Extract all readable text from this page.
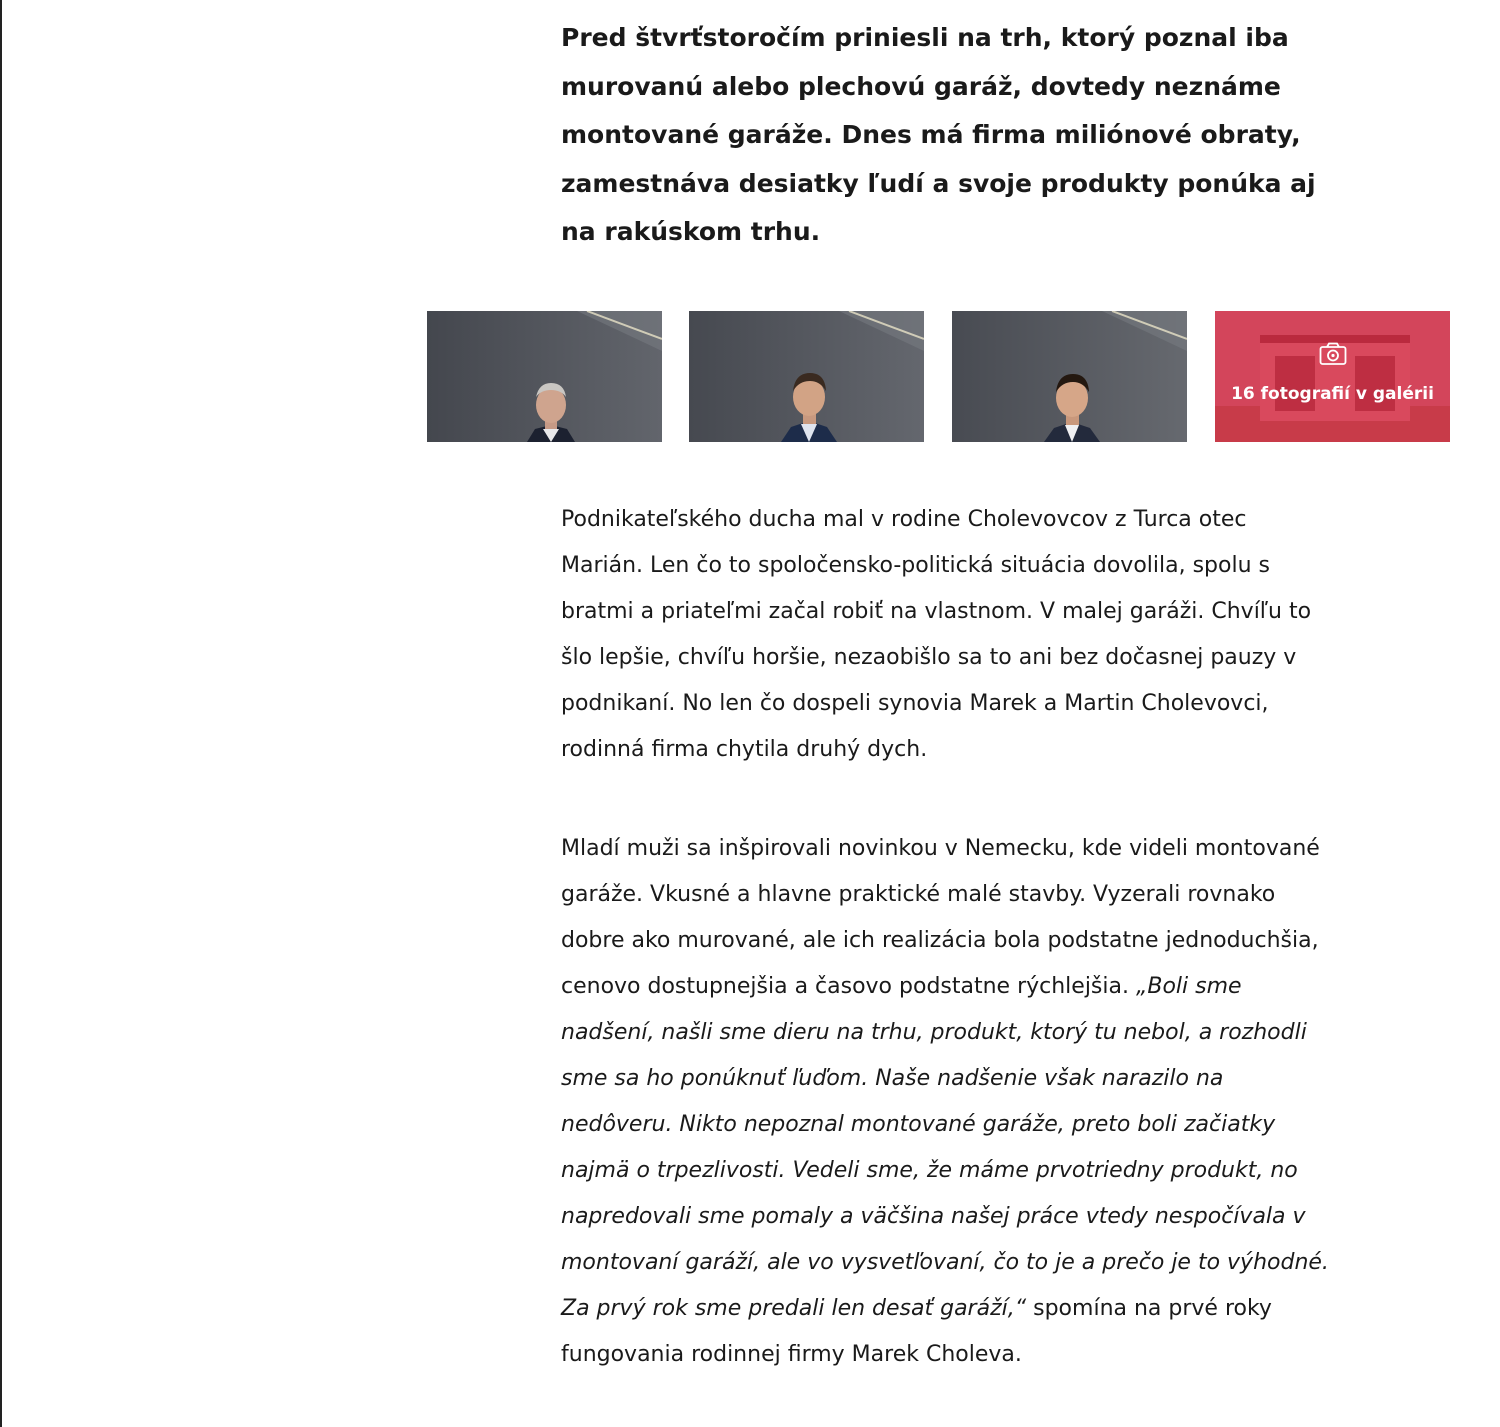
Pred štvrťstoročím priniesli na trh, ktorý poznal iba murovanú alebo plechovú garáž, dovtedy neznáme montované garáže. Dnes má firma miliónové obraty, zamestnáva desiatky ľudí a svoje produkty ponúka aj na rakúskom trhu.

16 fotografií v galérii

Podnikateľského ducha mal v rodine Cholevovcov z Turca otec Marián. Len čo to spoločensko-politická situácia dovolila, spolu s bratmi a priateľmi začal robiť na vlastnom. V malej garáži. Chvíľu to šlo lepšie, chvíľu horšie, nezaobišlo sa to ani bez dočasnej pauzy v podnikaní. No len čo dospeli synovia Marek a Martin Cholevovci, rodinná firma chytila druhý dych.

Mladí muži sa inšpirovali novinkou v Nemecku, kde videli montované garáže. Vkusné a hlavne praktické malé stavby. Vyzerali rovnako dobre ako murované, ale ich realizácia bola podstatne jednoduchšia, cenovo dostupnejšia a časovo podstatne rýchlejšia. „Boli sme nadšení, našli sme dieru na trhu, produkt, ktorý tu nebol, a rozhodli sme sa ho ponúknuť ľuďom. Naše nadšenie však narazilo na nedôveru. Nikto nepoznal montované garáže, preto boli začiatky najmä o trpezlivosti. Vedeli sme, že máme prvotriedny produkt, no napredovali sme pomaly a väčšina našej práce vtedy nespočívala v montovaní garáží, ale vo vysvetľovaní, čo to je a prečo je to výhodné. Za prvý rok sme predali len desať garáží,“ spomína na prvé roky fungovania rodinnej firmy Marek Choleva.
